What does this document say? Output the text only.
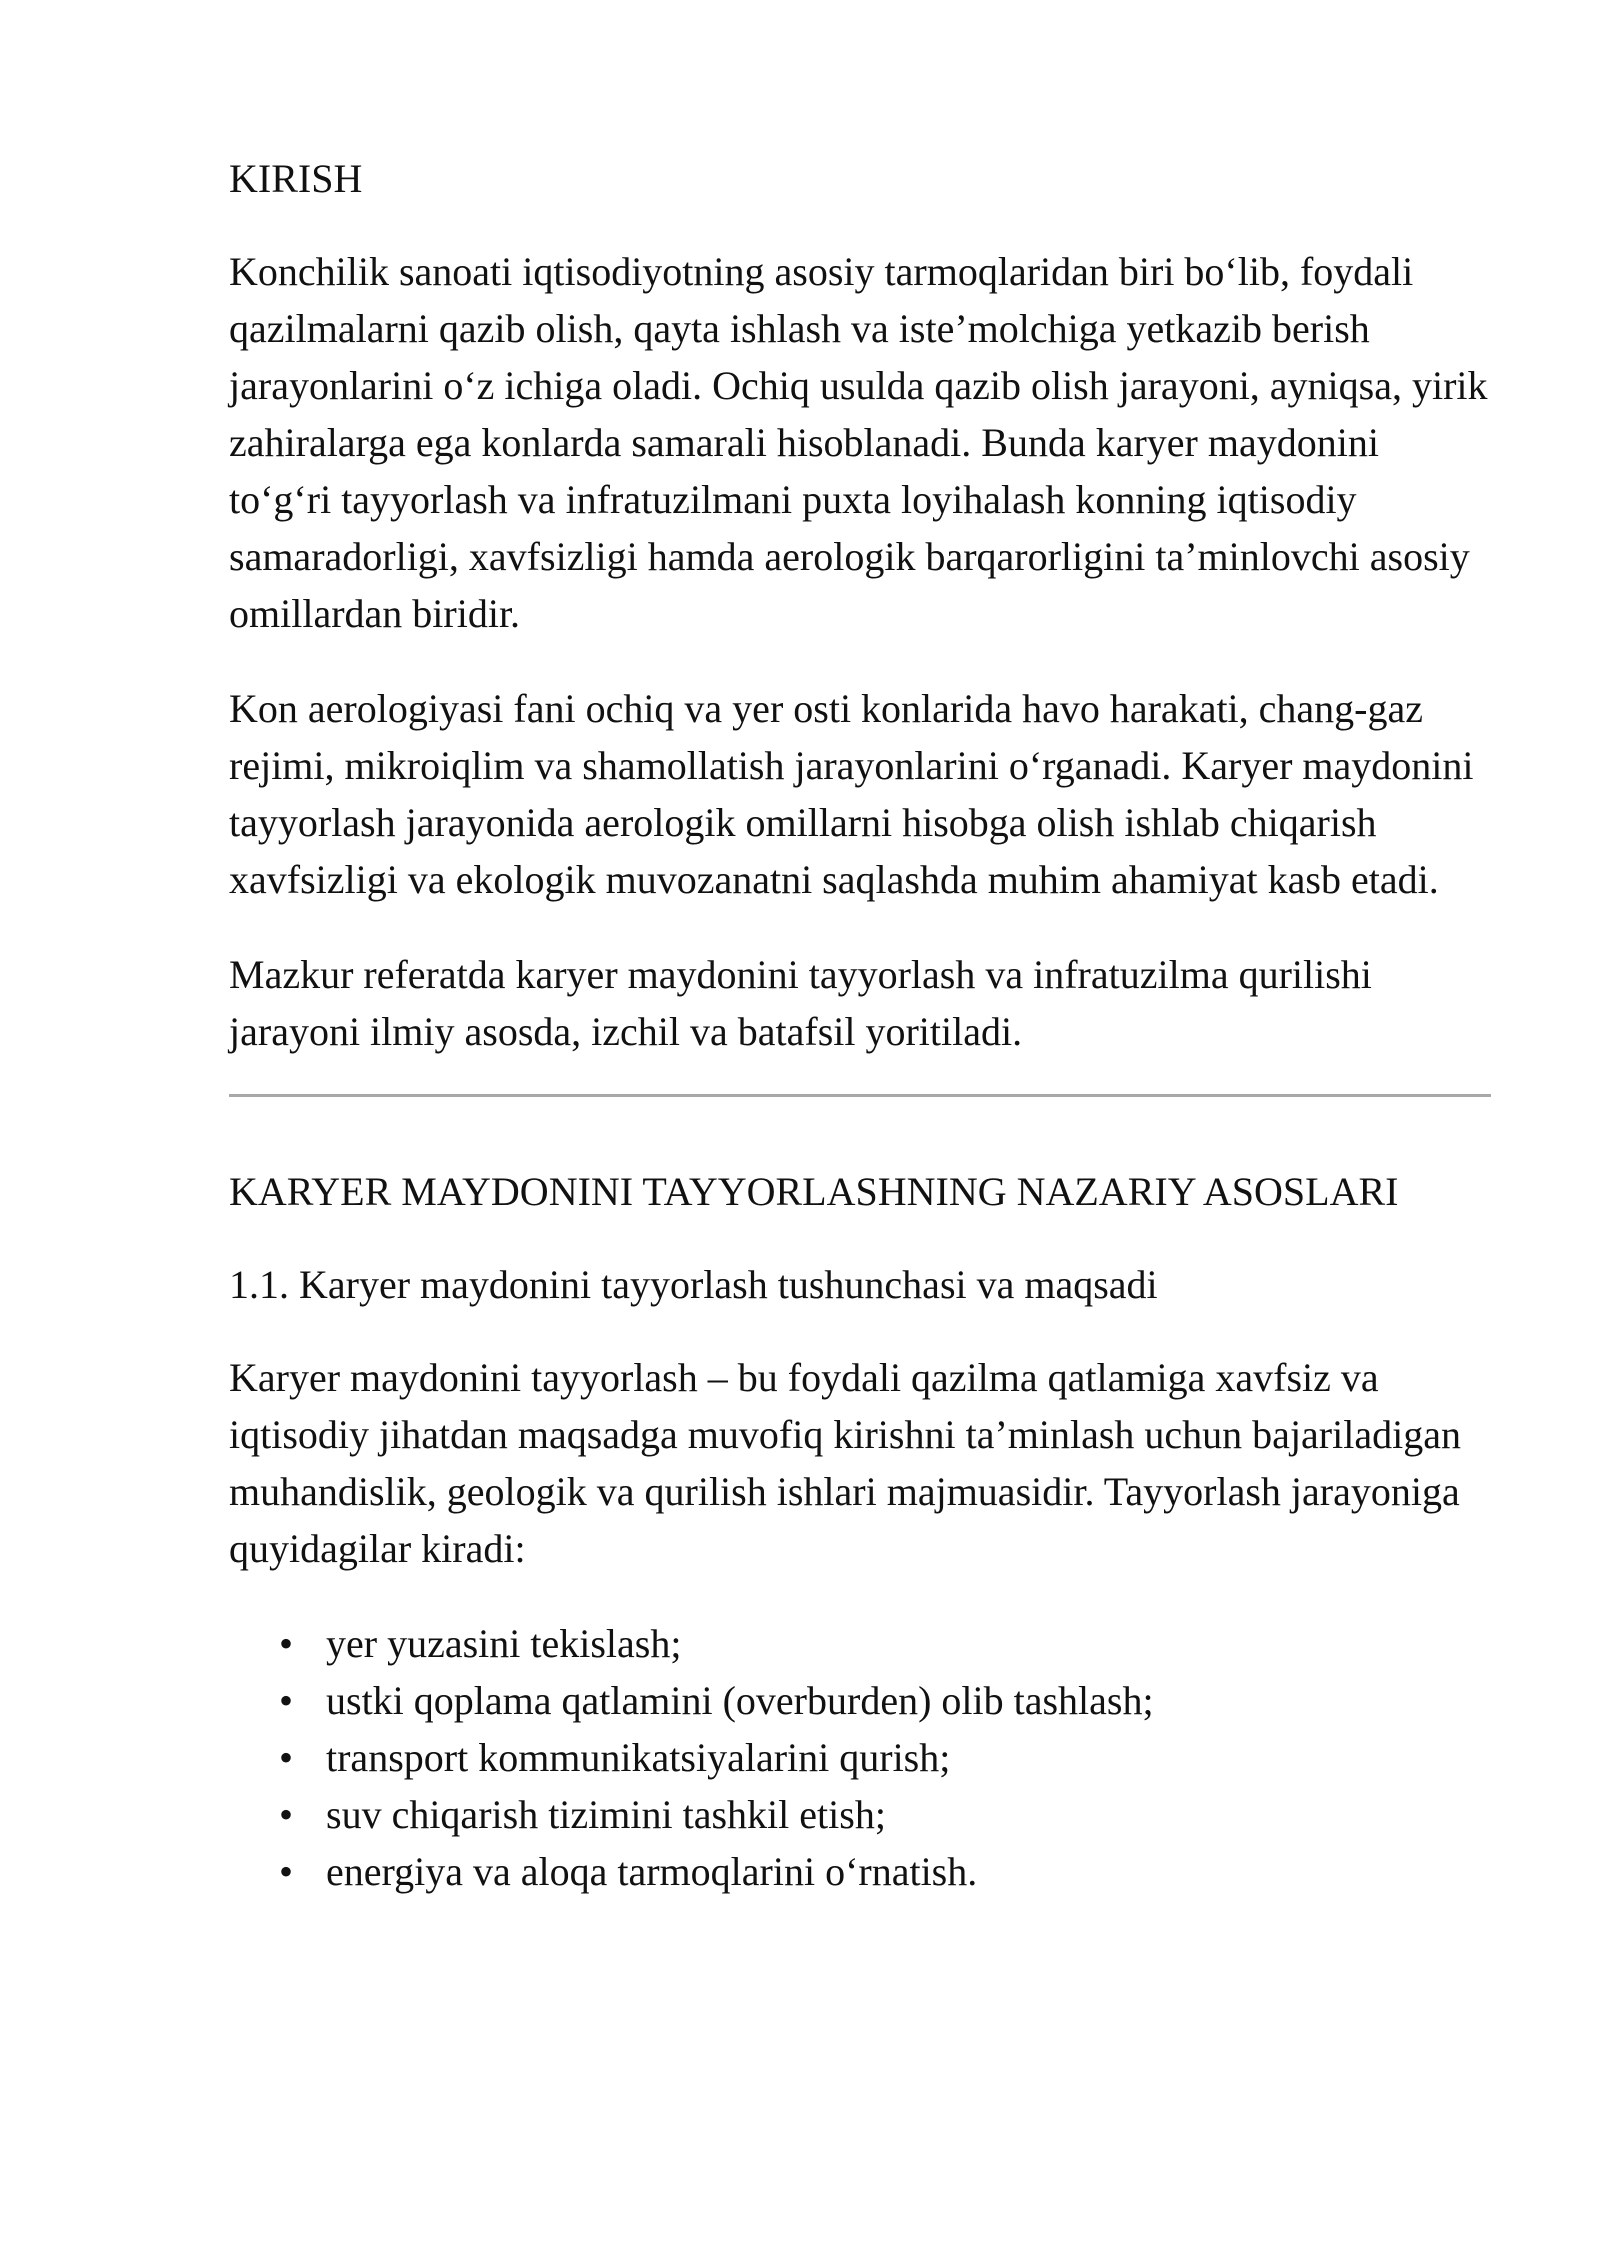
KIRISH

Konchilik sanoati iqtisodiyotning asosiy tarmoqlaridan biri bo‘lib, foydali qazilmalarni qazib olish, qayta ishlash va iste’molchiga yetkazib berish jarayonlarini o‘z ichiga oladi. Ochiq usulda qazib olish jarayoni, ayniqsa, yirik zahiralarga ega konlarda samarali hisoblanadi. Bunda karyer maydonini to‘g‘ri tayyorlash va infratuzilmani puxta loyihalash konning iqtisodiy samaradorligi, xavfsizligi hamda aerologik barqarorligini ta’minlovchi asosiy omillardan biridir.

Kon aerologiyasi fani ochiq va yer osti konlarida havo harakati, chang-gaz rejimi, mikroiqlim va shamollatish jarayonlarini o‘rganadi. Karyer maydonini tayyorlash jarayonida aerologik omillarni hisobga olish ishlab chiqarish xavfsizligi va ekologik muvozanatni saqlashda muhim ahamiyat kasb etadi.

Mazkur referatda karyer maydonini tayyorlash va infratuzilma qurilishi jarayoni ilmiy asosda, izchil va batafsil yoritiladi.

KARYER MAYDONINI TAYYORLASHNING NAZARIY ASOSLARI

1.1. Karyer maydonini tayyorlash tushunchasi va maqsadi

Karyer maydonini tayyorlash – bu foydali qazilma qatlamiga xavfsiz va iqtisodiy jihatdan maqsadga muvofiq kirishni ta’minlash uchun bajariladigan muhandislik, geologik va qurilish ishlari majmuasidir. Tayyorlash jarayoniga quyidagilar kiradi:

• yer yuzasini tekislash;
• ustki qoplama qatlamini (overburden) olib tashlash;
• transport kommunikatsiyalarini qurish;
• suv chiqarish tizimini tashkil etish;
• energiya va aloqa tarmoqlarini o‘rnatish.
